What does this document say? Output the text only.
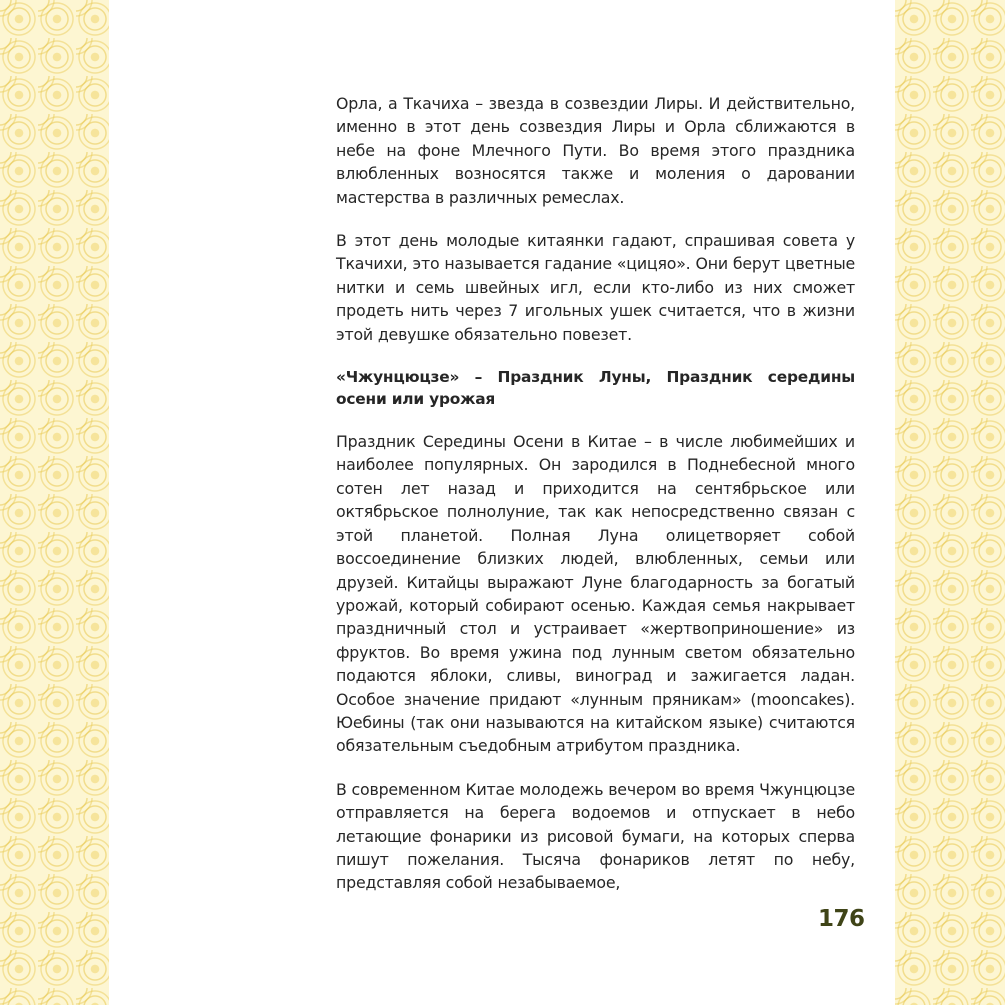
Орла, а Ткачиха – звезда в созвездии Лиры. И действительно, именно в этот день созвездия Лиры и Орла сближаются в небе на фоне Млечного Пути. Во время этого праздника влюбленных возносятся также и моления о даровании мастерства в различных ремеслах.

В этот день молодые китаянки гадают, спрашивая совета у Ткачихи, это называется гадание «цицяо». Они берут цветные нитки и семь швейных игл, если кто-либо из них сможет продеть нить через 7 игольных ушек считается, что в жизни этой девушке обязательно повезет.

«Чжунцюцзе» – Праздник Луны, Праздник середины осени или урожая

Праздник Середины Осени в Китае – в числе любимейших и наиболее популярных. Он зародился в Поднебесной много сотен лет назад и приходится на сентябрьское или октябрьское полнолуние, так как непосредственно связан с этой планетой. Полная Луна олицетворяет собой воссоединение близких людей, влюбленных, семьи или друзей. Китайцы выражают Луне благодарность за богатый урожай, который собирают осенью. Каждая семья накрывает праздничный стол и устраивает «жертвоприношение» из фруктов. Во время ужина под лунным светом обязательно подаются яблоки, сливы, виноград и зажигается ладан. Особое значение придают «лунным пряникам» (mooncakes). Юебины (так они называются на китайском языке) считаются обязательным съедобным атрибутом праздника.

В современном Китае молодежь вечером во время Чжунцюцзе отправляется на берега водоемов и отпускает в небо летающие фонарики из рисовой бумаги, на которых сперва пишут пожелания. Тысяча фонариков летят по небу, представляя собой незабываемое,

176
